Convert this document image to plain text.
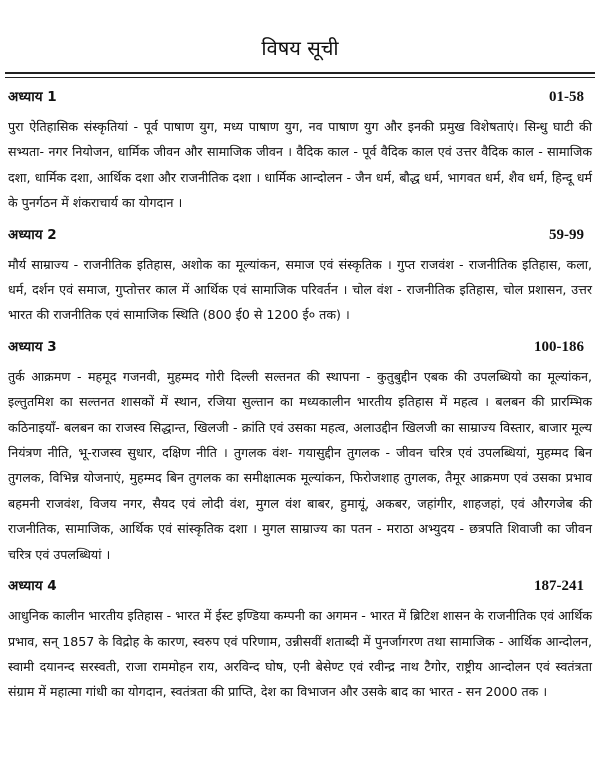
विषय सूची
अध्याय 1	01-58
पुरा ऐतिहासिक संस्कृतियां - पूर्व पाषाण युग, मध्य पाषाण युग, नव पाषाण युग और इनकी प्रमुख विशेषताएं। सिन्धु घाटी की सभ्यता- नगर नियोजन, धार्मिक जीवन और सामाजिक जीवन । वैदिक काल - पूर्व वैदिक काल एवं उत्तर वैदिक काल - सामाजिक दशा, धार्मिक दशा, आर्थिक दशा और राजनीतिक दशा । धार्मिक आन्दोलन - जैन धर्म, बौद्ध धर्म, भागवत धर्म, शैव धर्म, हिन्दू धर्म के पुनर्गठन में शंकराचार्य का योगदान ।
अध्याय 2	59-99
मौर्य साम्राज्य - राजनीतिक इतिहास, अशोक का मूल्यांकन, समाज एवं संस्कृतिक । गुप्त राजवंश - राजनीतिक इतिहास, कला, धर्म, दर्शन एवं समाज, गुप्तोत्तर काल में आर्थिक एवं सामाजिक परिवर्तन । चोल वंश - राजनीतिक इतिहास, चोल प्रशासन, उत्तर भारत की राजनीतिक एवं सामाजिक स्थिति (800 ई0 से 1200 ई० तक) ।
अध्याय 3	100-186
तुर्क आक्रमण - महमूद गजनवी, मुहम्मद गोरी दिल्ली सल्तनत की स्थापना - कुतुबुद्दीन एबक की उपलब्धियो का मूल्यांकन, इल्तुतमिश का सल्तनत शासकों में स्थान, रजिया सुल्तान का मध्यकालीन भारतीय इतिहास में महत्व । बलबन की प्रारम्भिक कठिनाइयाँ- बलबन का राजस्व सिद्धान्त, खिलजी - क्रांति एवं उसका महत्व, अलाउद्दीन खिलजी का साम्राज्य विस्तार, बाजार मूल्य नियंत्रण नीति, भू-राजस्व सुधार, दक्षिण नीति । तुगलक वंश- गयासुद्दीन तुगलक - जीवन चरित्र एवं उपलब्धियां, मुहम्मद बिन तुगलक, विभिन्न योजनाएं, मुहम्मद बिन तुगलक का समीक्षात्मक मूल्यांकन, फिरोजशाह तुगलक, तैमूर आक्रमण एवं उसका प्रभाव बहमनी राजवंश, विजय नगर, सैयद एवं लोदी वंश, मुगल वंश बाबर, हुमायूं, अकबर, जहांगीर, शाहजहां, एवं औरगजेब की राजनीतिक, सामाजिक, आर्थिक एवं सांस्कृतिक दशा । मुगल साम्राज्य का पतन - मराठा अभ्युदय - छत्रपति शिवाजी का जीवन चरित्र एवं उपलब्धियां ।
अध्याय 4	187-241
आधुनिक कालीन भारतीय इतिहास - भारत में ईस्ट इण्डिया कम्पनी का अगमन - भारत में ब्रिटिश शासन के राजनीतिक एवं आर्थिक प्रभाव, सन् 1857 के विद्रोह के कारण, स्वरुप एवं परिणाम, उन्नीसवीं शताब्दी में पुनर्जागरण तथा सामाजिक - आर्थिक आन्दोलन, स्वामी दयानन्द सरस्वती, राजा राममोहन राय, अरविन्द घोष, एनी बेसेण्ट एवं रवीन्द्र नाथ टैगोर, राष्ट्रीय आन्दोलन एवं स्वतंत्रता संग्राम में महात्मा गांधी का योगदान, स्वतंत्रता की प्राप्ति, देश का विभाजन और उसके बाद का भारत - सन 2000 तक ।
